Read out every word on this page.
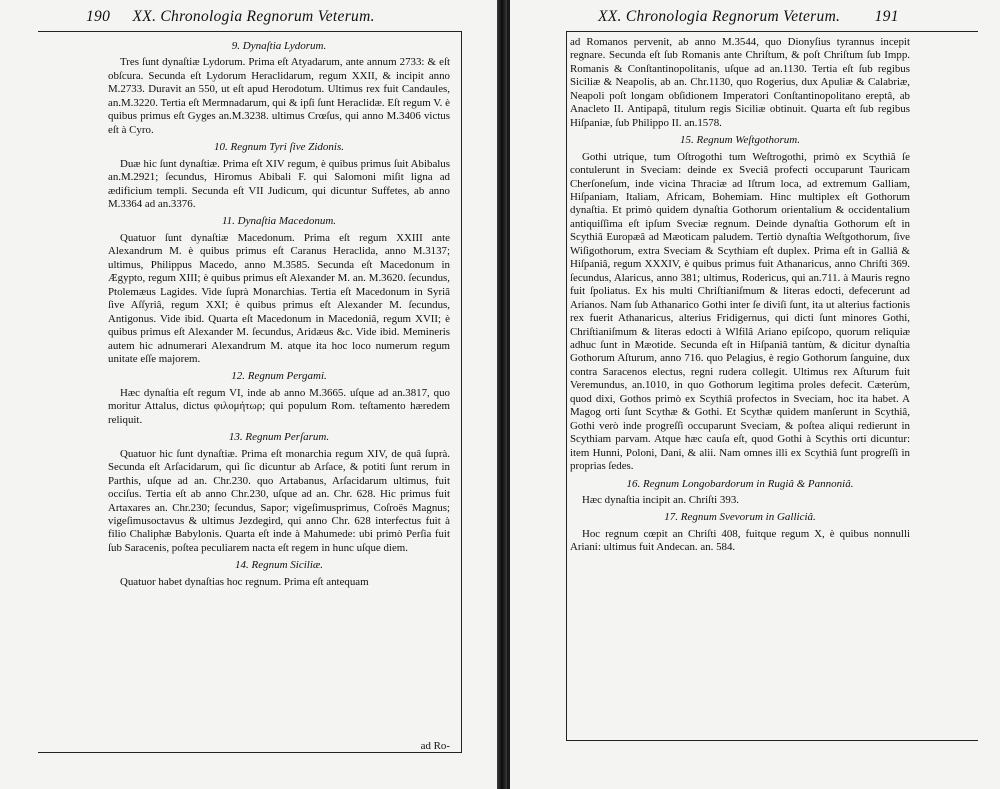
190 XX. Chronologia Regnorum Veterum.
9. Dynaſtia Lydorum.

Tres ſunt dynaſtiæ Lydorum. Prima eſt Atyadarum, ante annum 2733: & eſt obſcura. Secunda eſt Lydorum Heraclidarum, regum XXII, & incipit anno M.2733. Duravit an 550, ut eſt apud Herodotum. Ultimus rex fuit Candaules, an.M.3220. Tertia eſt Mermnadarum, qui & ipſi ſunt Heraclidæ. Eſt regum V. è quibus primus eſt Gyges an.M.3238. ultimus Crœſus, qui anno M.3406 victus eſt à Cyro.

10. Regnum Tyri ſive Zidonis.

Duæ hic ſunt dynaſtiæ. Prima eſt XIV regum, è quibus primus ſuit Abibalus an.M.2921; ſecundus, Hiromus Abibali F. qui Salomoni miſit ligna ad ædificium templi. Secunda eſt VII Judicum, qui dicuntur Suffetes, ab anno M.3364 ad an.3376.

11. Dynaſtia Macedonum.

Quatuor ſunt dynaſtiæ Macedonum. Prima eſt regum XXIII ante Alexandrum M. è quibus primus eſt Caranus Heraclida, anno M.3137; ultimus, Philippus Macedo, anno M.3585. Secunda eſt Macedonum in Ægypto, regum XIII; è quibus primus eſt Alexander M. an. M.3620. ſecundus, Ptolemæus Lagides. Vide ſuprà Monarchias. Tertia eſt Macedonum in Syriâ ſive Aſſyriâ, regum XXI; è quibus primus eſt Alexander M. ſecundus, Antigonus. Vide ibid. Quarta eſt Macedonum in Macedoniâ, regum XVII; è quibus primus eſt Alexander M. ſecundus, Aridæus &c. Vide ibid. Memineris autem hic adnumerari Alexandrum M. atque ita hoc loco numerum regum unitate eſſe majorem.

12. Regnum Pergami.

Hæc dynaſtia eſt regum VI, inde ab anno M.3665. uſque ad an.3817, quo moritur Attalus, dictus φιλομήτωρ; qui populum Rom. teſtamento hæredem reliquit.

13. Regnum Perſarum.

Quatuor hic ſunt dynaſtiæ. Prima eſt monarchia regum XIV, de quâ ſuprà. Secunda eſt Arſacidarum, qui ſic dicuntur ab Arſace, & potiti ſunt rerum in Parthis, uſque ad an. Chr.230. quo Artabanus, Arſacidarum ultimus, fuit occiſus. Tertia eſt ab anno Chr.230, uſque ad an. Chr. 628. Hic primus fuit Artaxares an. Chr.230; ſecundus, Sapor; vigeſimusprimus, Coſroës Magnus; vigeſimusoctavus & ultimus Jezdegird, qui anno Chr. 628 interfectus fuit à filio Chaliphæ Babylonis. Quarta eſt inde à Mahumede: ubi primò Perſia fuit ſub Saracenis, poſtea peculiarem nacta eſt regem in hunc uſque diem.

14. Regnum Siciliæ.

Quatuor habet dynaſtias hoc regnum. Prima eſt antequam

ad Ro-
XX. Chronologia Regnorum Veterum. 191

ad Romanos pervenit, ab anno M.3544, quo Dionyſius tyrannus incepit regnare. Secunda eſt ſub Romanis ante Chriſtum, & poſt Chriſtum ſub Impp. Romanis & Conſtantinopolitanis, uſque ad an.1130. Tertia eſt ſub regibus Siciliæ & Neapolis, ab an. Chr.1130, quo Rogerius, dux Apuliæ & Calabriæ, Neapoli poſt longam obſidionem Imperatori Conſtantinopolitano ereptâ, ab Anacleto II. Antipapâ, titulum regis Siciliæ obtinuit. Quarta eſt ſub regibus Hiſpaniæ, ſub Philippo II. an.1578.

15. Regnum Weſtgothorum.

Gothi utrique, tum Oſtrogothi tum Weſtrogothi, primò ex Scythiâ ſe contulerunt in Sveciam: deinde ex Sveciâ profecti occuparunt Tauricam Cherſoneſum, inde vicina Thraciæ ad Iſtrum loca, ad extremum Galliam, Hiſpaniam, Italiam, Africam, Bohemiam. Hinc multiplex eſt Gothorum dynaſtia. Et primò quidem dynaſtia Gothorum orientalium & occidentalium antiquiſſima eſt ipſum Sveciæ regnum. Deinde dynaſtia Gothorum eſt in Scythiâ Europæâ ad Mæoticam paludem. Tertiò dynaſtia Weſtgothorum, ſive Wiſigothorum, extra Sveciam & Scythiam eſt duplex. Prima eſt in Galliâ & Hiſpaniâ, regum XXXIV, è quibus primus fuit Athanaricus, anno Chriſti 369. ſecundus, Alaricus, anno 381; ultimus, Rodericus, qui an.711. à Mauris regno fuit ſpoliatus. Ex his multi Chriſtianiſmum & literas edocti, defecerunt ad Arianos. Nam ſub Athanarico Gothi inter ſe diviſi ſunt, ita ut alterius factionis rex fuerit Athanaricus, alterius Fridigernus, qui dicti ſunt minores Gothi, Chriſtianiſmum & literas edocti à Wlfilâ Ariano epiſcopo, quorum reliquiæ adhuc ſunt in Mæotide. Secunda eſt in Hiſpaniâ tantùm, & dicitur dynaſtia Gothorum Aſturum, anno 716. quo Pelagius, è regio Gothorum ſanguine, dux contra Saracenos electus, regni rudera collegit. Ultimus rex Aſturum fuit Veremundus, an.1010, in quo Gothorum legitima proles defecit. Cæterùm, quod dixi, Gothos primò ex Scythiâ profectos in Sveciam, hoc ita habet. A Magog orti ſunt Scythæ & Gothi. Et Scythæ quidem manſerunt in Scythiâ, Gothi verò inde progreſſi occuparunt Sveciam, & poſtea aliqui redierunt in Scythiam parvam. Atque hæc cauſa eſt, quod Gothi à Scythis orti dicuntur: item Hunni, Poloni, Dani, & alii. Nam omnes illi ex Scythiâ ſunt progreſſi in proprias ſedes.

16. Regnum Longobardorum in Rugiâ & Pannoniâ.

Hæc dynaſtia incipit an. Chriſti 393.

17. Regnum Svevorum in Galliciâ.

Hoc regnum cœpit an Chriſti 408, fuitque regum X, è quibus nonnulli Ariani: ultimus fuit Andecan. an. 584.
